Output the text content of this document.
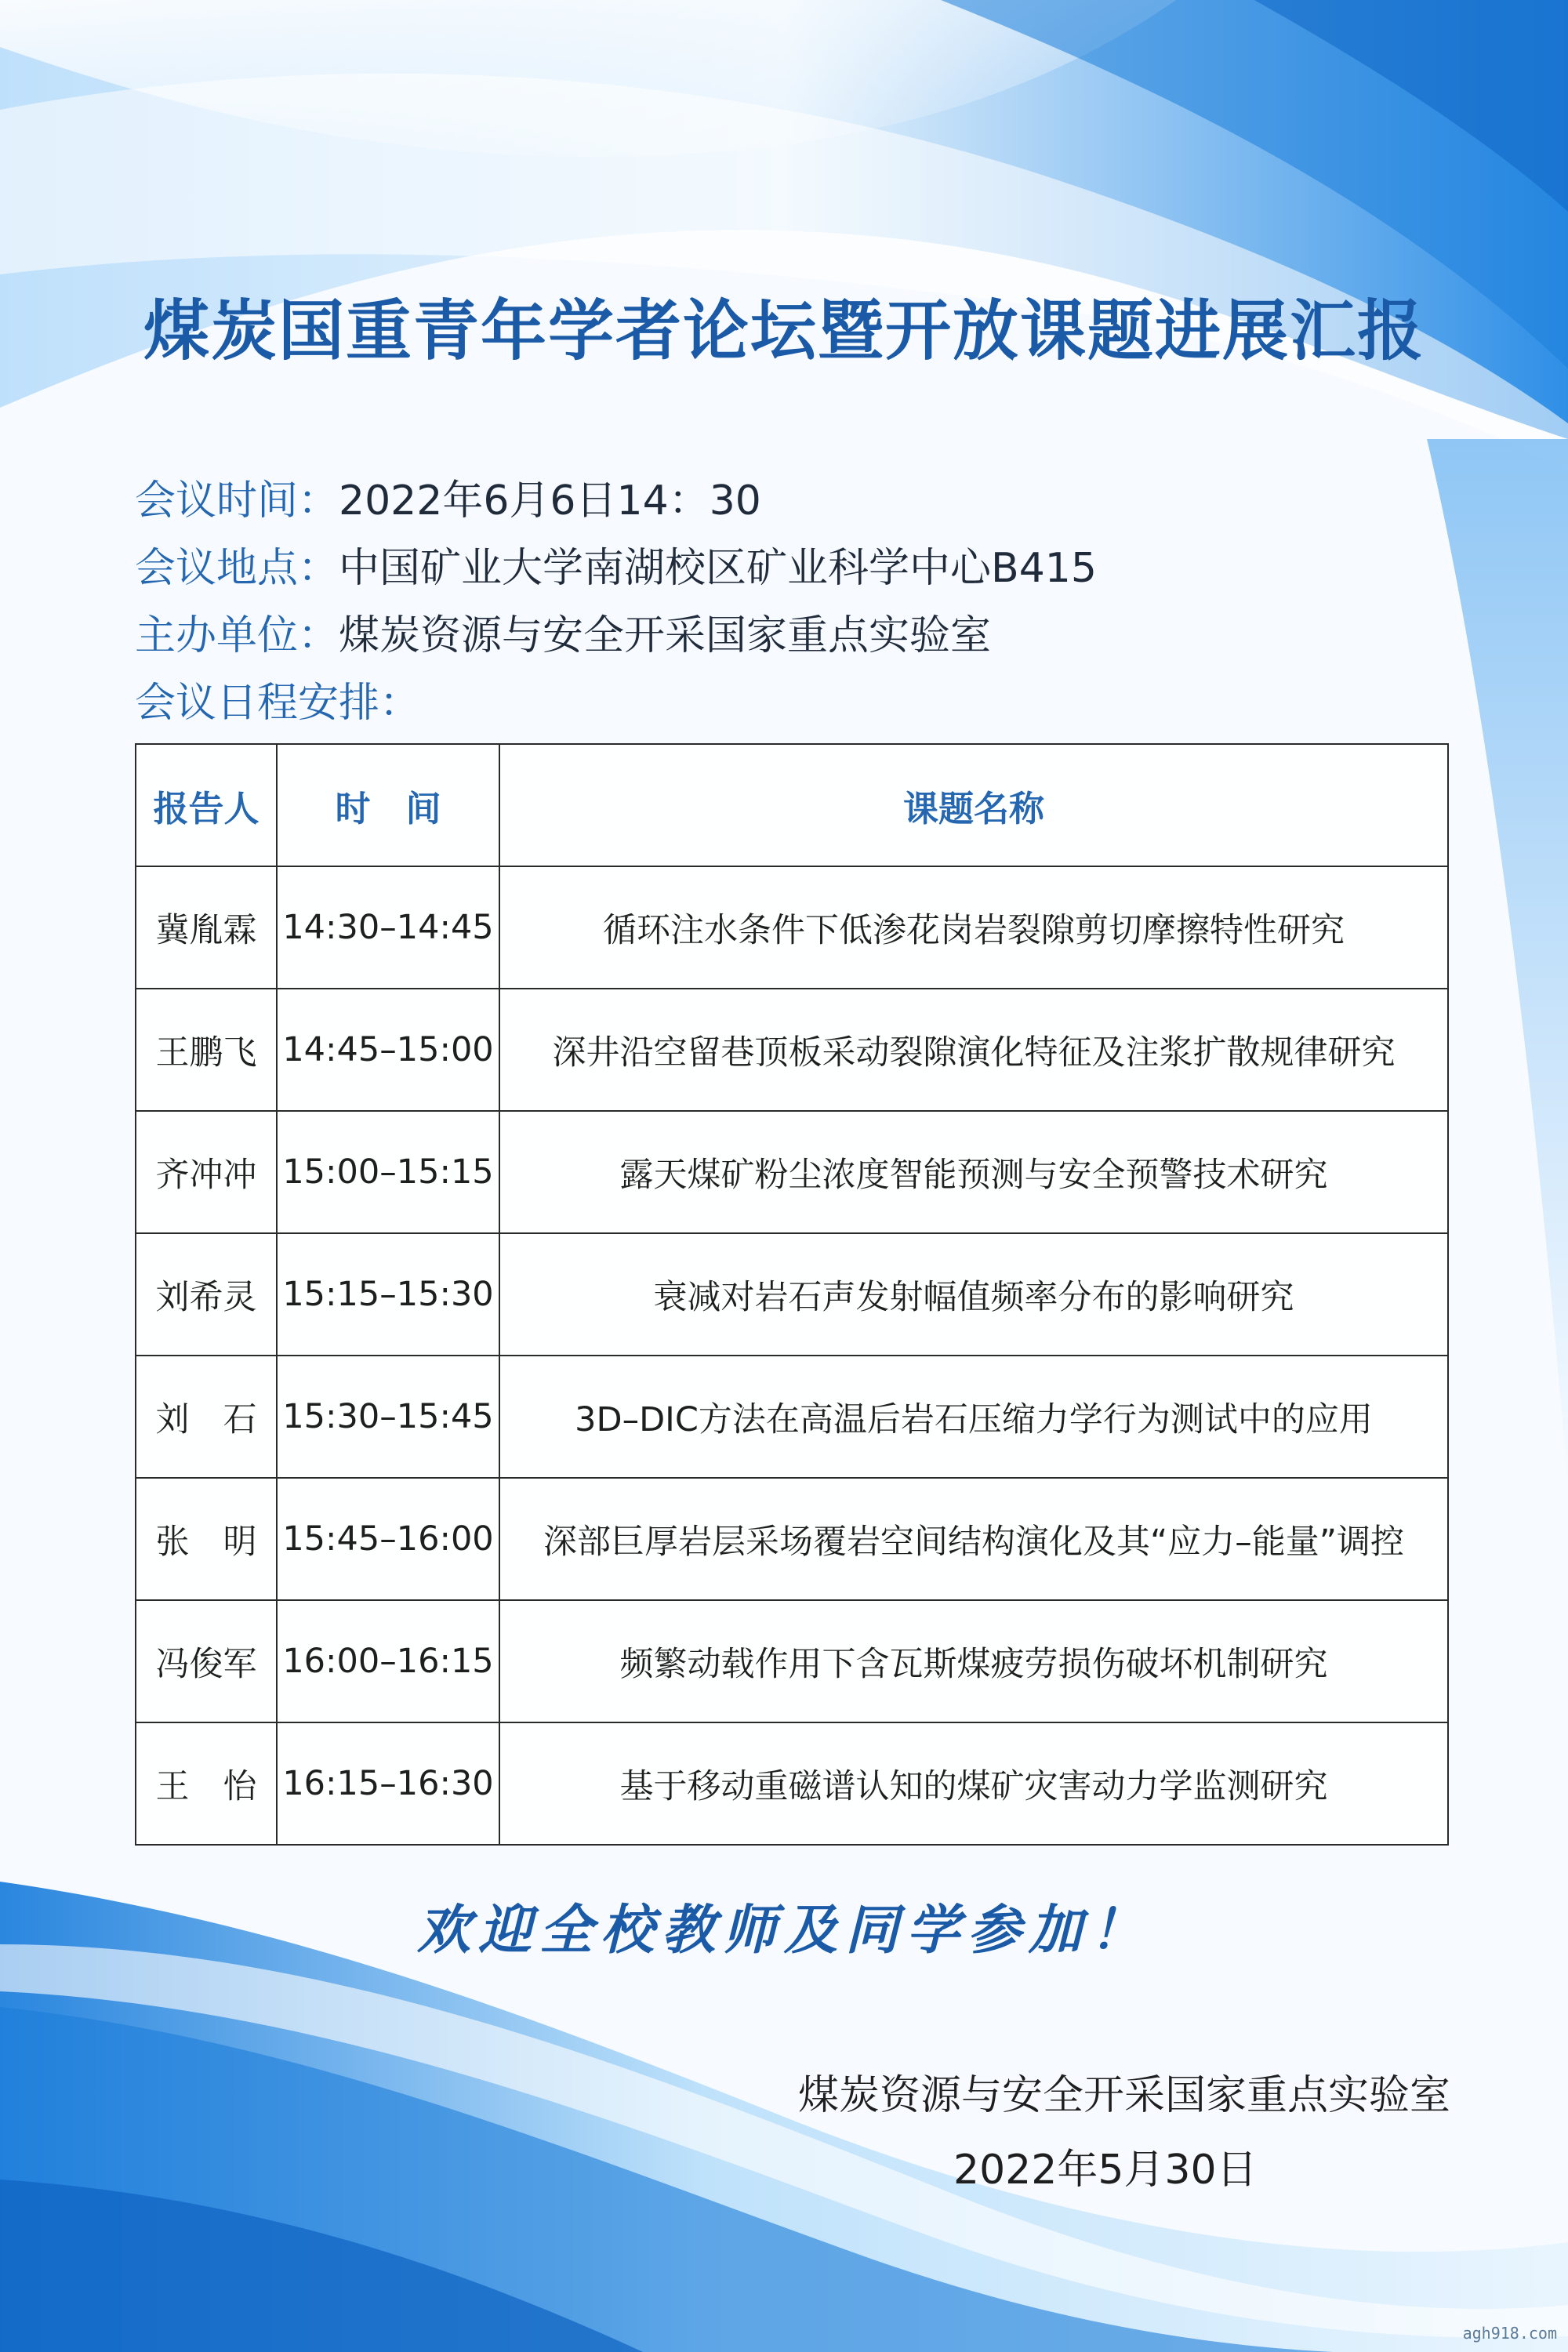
煤炭国重青年学者论坛暨开放课题进展汇报
会议时间：2022年6月6日14：30
会议地点：中国矿业大学南湖校区矿业科学中心B415
主办单位：煤炭资源与安全开采国家重点实验室
会议日程安排：
报告人	时　间	课题名称
冀胤霖	14:30–14:45	循环注水条件下低渗花岗岩裂隙剪切摩擦特性研究
王鹏飞	14:45–15:00	深井沿空留巷顶板采动裂隙演化特征及注浆扩散规律研究
齐冲冲	15:00–15:15	露天煤矿粉尘浓度智能预测与安全预警技术研究
刘希灵	15:15–15:30	衰减对岩石声发射幅值频率分布的影响研究
刘　石	15:30–15:45	3D–DIC方法在高温后岩石压缩力学行为测试中的应用
张　明	15:45–16:00	深部巨厚岩层采场覆岩空间结构演化及其“应力–能量”调控
冯俊军	16:00–16:15	频繁动载作用下含瓦斯煤疲劳损伤破坏机制研究
王　怡	16:15–16:30	基于移动重磁谱认知的煤矿灾害动力学监测研究
欢迎全校教师及同学参加！
煤炭资源与安全开采国家重点实验室
2022年5月30日
agh918.com
